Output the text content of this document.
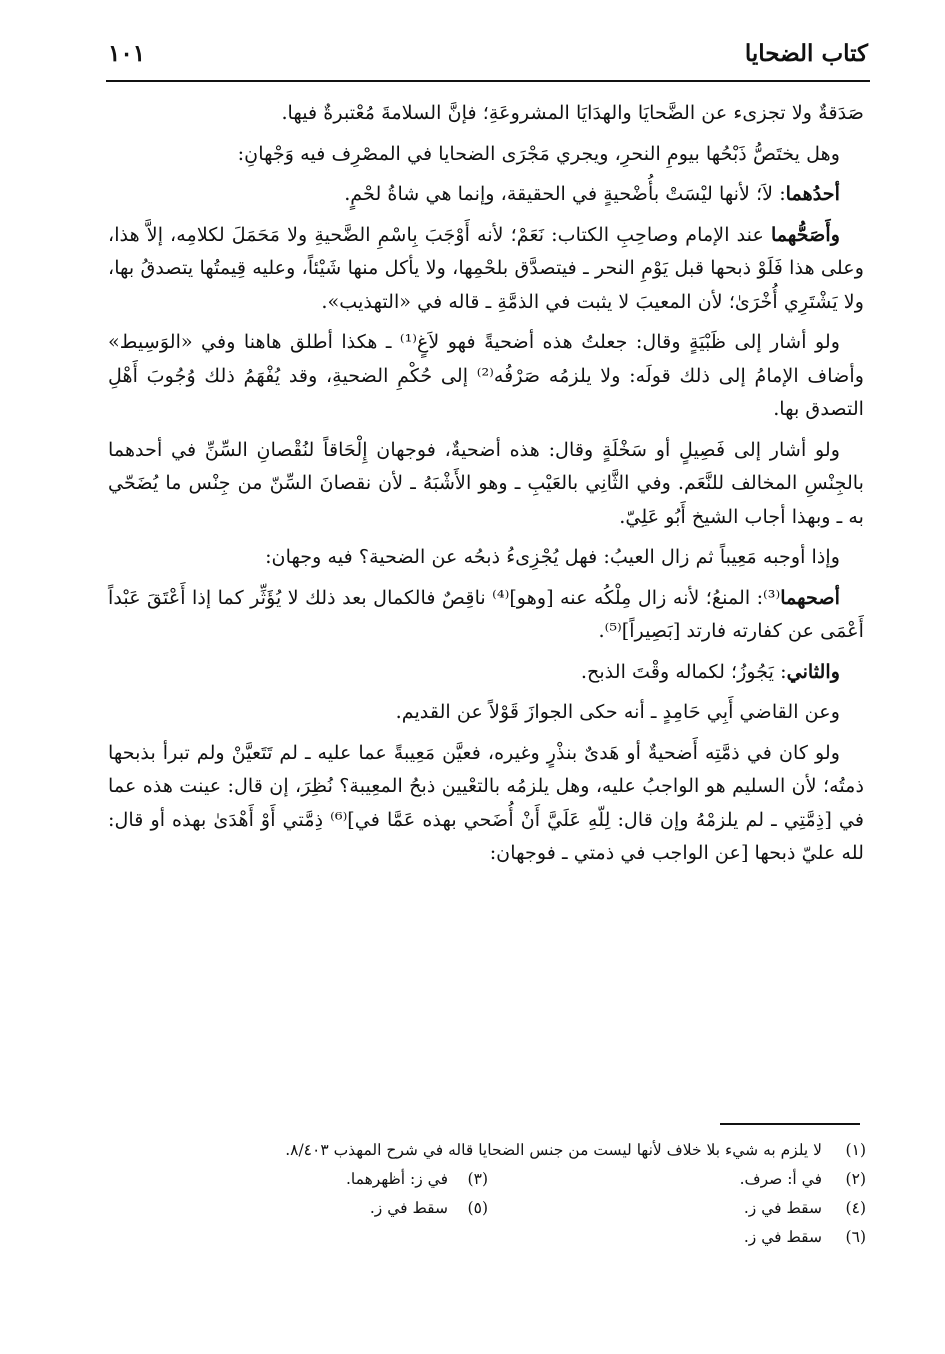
كتاب الضحايا
١٠١

صَدَقةٌ ولا تجزىء عن الضَّحايَا والهدَايَا المشروعَةِ؛ فإنَّ السلامةَ مُعْتبرةٌ فيها.

وهل يختَصُّ ذَبْحُها بيومِ النحرِ، ويجري مَجْرَى الضحايا في المصْرِف فيه وَجْهانِ:

أحدُهما: لاَ؛ لأنها ليْسَتْ بأُضْحيةٍ في الحقيقة، وإنما هي شاةُ لحْمٍ.

وأَصَحُّهما عند الإمام وصاحِبِ الكتاب: نَعَمْ؛ لأنه أَوْجَبَ بِاسْمِ الضَّحيةِ ولا مَحَمَلَ لكلامِه، إلاَّ هذا، وعلى هذا فَلَوْ ذبحها قبل يَوْمِ النحر ـ فيتصدَّق بلحْمِها، ولا يأكل منها شَيْئاً، وعليه قِيمتُها يتصدقُ بها، ولا يَشْتَرِي أُخْرَىٰ؛ لأن المعيبَ لا يثبت في الذمَّةِ ـ قاله في «التهذيب».

ولو أشار إلى ظَبْيَةٍ وقال: جعلتُ هذه أضحيةً فهو لاَغٍ⁽¹⁾ ـ هكذا أطلق هاهنا وفي «الوَسِيط» وأضاف الإمامُ إلى ذلك قولَه: ولا يلزمُه صَرْفُه⁽²⁾ إلى حُكْمِ الضحيةِ، وقد يُفْهَمُ ذلك وُجُوبَ أَهْلِ التصدق بها.

ولو أشار إلى فَصِيلٍ أو سَخْلَةٍ وقال: هذه أضحيةٌ، فوجهان إِلْحَاقاً لنُقْصانِ السِّنِّ في أحدهما بالجِنْسِ المخالف للنَّعَم. وفي الثَّانِي بالعَيْبِ ـ وهو الأَشْبَهُ ـ لأن نقصانَ السِّنّ من جِنْس ما يُضَحّي به ـ وبهذا أجاب الشيخ أَبُو عَلِيّ.

وإذا أوجبه مَعِيباً ثم زال العيبُ: فهل يُجْزِىءُ ذبحُه عن الضحية؟ فيه وجهان:

أصحهما⁽³⁾: المنعُ؛ لأنه زال مِلْكُه عنه [وهو]⁽⁴⁾ ناقِصٌ فالكمال بعد ذلك لا يُؤَثِّر كما إذا أَعْتَقَ عَبْداً أَعْمَى عن كفارته فارتد [بَصِيراً]⁽⁵⁾.

والثاني: يَجُوزُ؛ لكماله وقْتَ الذبح.

وعن القاضي أَبِي حَامِدٍ ـ أنه حكى الجوازَ قَوْلاً عن القديم.

ولو كان في ذمَّتِه أَضحيةٌ أو هَدىٌ بنذْرٍ وغيره، فعيَّن مَعِيبةً عما عليه ـ لم تَتَعيَّنْ ولم تبرأ بذبحها ذمتُه؛ لأن السليم هو الواجبُ عليه، وهل يلزمُه بالتعْيين ذبحُ المعِيبة؟ نُظِرَ، إن قال: عينت هذه عما في [ذِمَّتِي ـ لم يلزمْهُ وإن قال: لِلّهِ عَلَيَّ أَنْ أُضَحي بهذه عَمَّا في]⁽⁶⁾ ذِمَّتي أَوْ أَهْدَىٰ بهذه أو قال: لله عليّ ذبحها [عن الواجب في ذمتي ـ فوجهان:

(١)
لا يلزم به شيء بلا خلاف لأنها ليست من جنس الضحايا قاله في شرح المهذب ٨/٤٠٣.
(٢)
في أ: صرف.
(٣)
في ز: أظهرهما.
(٤)
سقط في ز.
(٥)
سقط في ز.
(٦)
سقط في ز.
